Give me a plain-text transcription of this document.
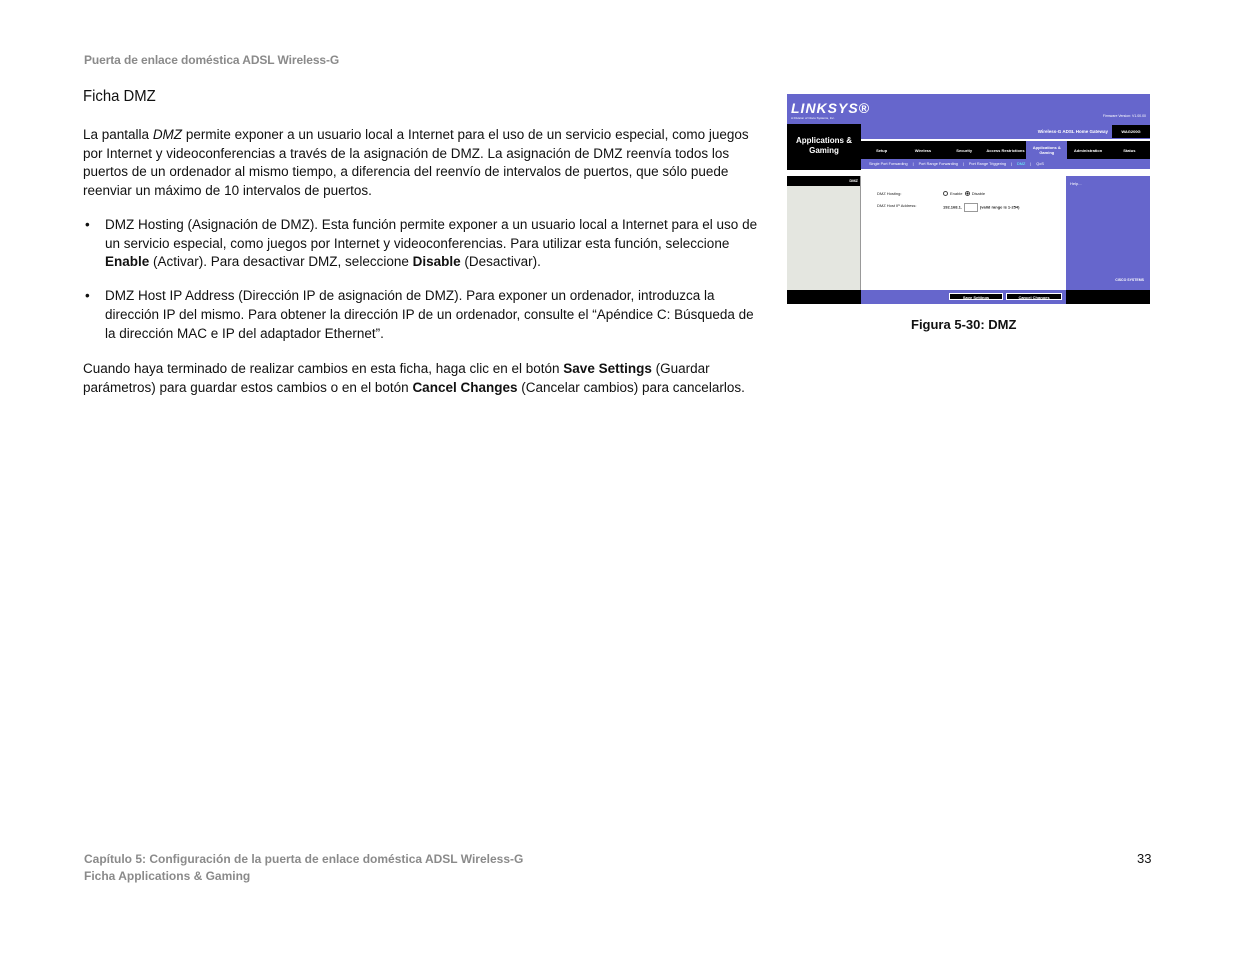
Puerta de enlace doméstica ADSL Wireless-G
Ficha DMZ
La pantalla DMZ permite exponer a un usuario local a Internet para el uso de un servicio especial, como juegos por Internet y videoconferencias a través de la asignación de DMZ. La asignación de DMZ reenvía todos los puertos de un ordenador al mismo tiempo, a diferencia del reenvío de intervalos de puertos, que sólo puede reenviar un máximo de 10 intervalos de puertos.
• DMZ Hosting (Asignación de DMZ). Esta función permite exponer a un usuario local a Internet para el uso de un servicio especial, como juegos por Internet y videoconferencias. Para utilizar esta función, seleccione Enable (Activar). Para desactivar DMZ, seleccione Disable (Desactivar).
• DMZ Host IP Address (Dirección IP de asignación de DMZ). Para exponer un ordenador, introduzca la dirección IP del mismo. Para obtener la dirección IP de un ordenador, consulte el “Apéndice C: Búsqueda de la dirección MAC e IP del adaptador Ethernet”.
Cuando haya terminado de realizar cambios en esta ficha, haga clic en el botón Save Settings (Guardar parámetros) para guardar estos cambios o en el botón Cancel Changes (Cancelar cambios) para cancelarlos.
LINKSYS®
A Division of Cisco Systems, Inc.	Firmware Version: V1.00.00
Applications & Gaming
Wireless-G ADSL Home Gateway	WAG200G
Setup	Wireless	Security	Access Restrictions	Applications & Gaming	Administration	Status
Single Port Forwarding | Port Range Forwarding | Port Range Triggering | DMZ | QoS
DMZ
DMZ Hosting:	Enable Disable
DMZ Host IP Address:	192.168.1.	(valid range is 1-254)
Help...
CISCO SYSTEMS
Save Settings	Cancel Changes
Figura 5-30: DMZ
Capítulo 5: Configuración de la puerta de enlace doméstica ADSL Wireless-G
Ficha Applications & Gaming
33
